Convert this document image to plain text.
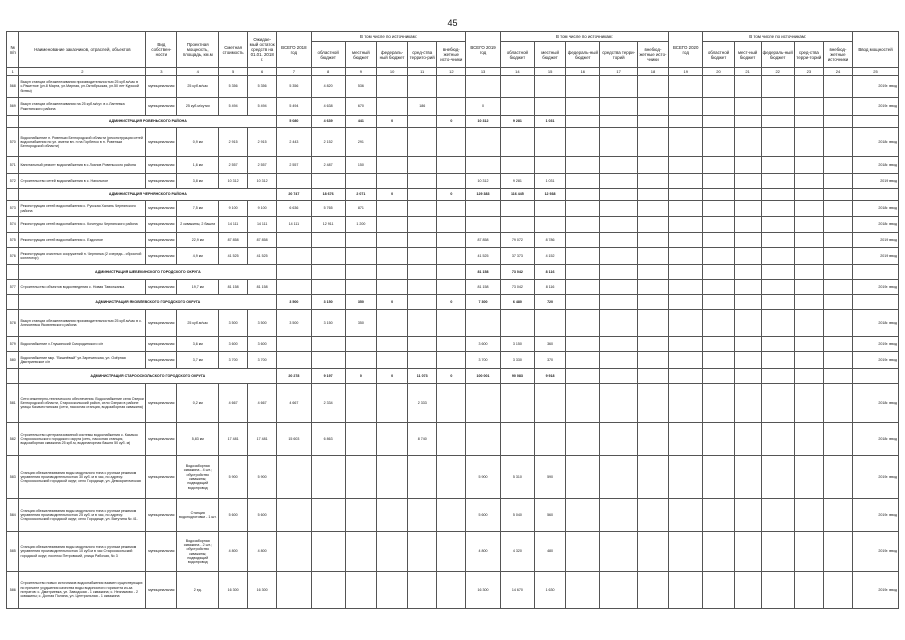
45
№ п/п	Наименование заказчиков, отраслей, объектов	Вид собствен-ности	Проектная мощность, площадь, км.м	Сметная стоимость	Ожидае-мый остаток средств на 01.01. 2018 г.	ВСЕГО 2018 год	В том числе по источникам:					ВСЕГО 2019 год	В том числе по источникам:					ВСЕГО 2020 год	В том числе по источникам:					Ввод мощностей
							областной бюджет	местный бюджет	федераль-ный бюджет	сред-ства террито-рий	внебюд-жетные исто-чники		областной бюджет	местный бюджет	федераль-ный бюджет	средства терри-торий	внебюд-жетные исто-чники		областной бюджет	мест-ный бюджет	федераль-ный бюджет	сред-ства терри-торий	внебюд-жетные источники	
1	2	3	4	5	6	7	8	9	10	11	12	13	14	15	16	17	18	19	20	21	22	23	24	25
568	Выкуп станции обезжелезивания производительностью 25 куб.м/час в с.Ракитное (ул.8 Марта, ул.Мирная, ул.Октябрьская, ул.50 лет Курской битвы)	муниципальная	25 куб.м/час	5 356	5 356	5 356	4 820	536																2019г. ввод
569	Выкуп станции обезжелезивания на 25 куб.м/сут. в с.Лаптевка Ракитянского района	муниципальная	25 куб.м/сутки	5 494	5 494	5 494	4 638	670		186		0												2019г. ввод
	АДМИНИСТРАЦИЯ РОВЕНЬСКОГО РАЙОНА					5 080	4 639	441	0		0	10 312	9 281	1 031										
570	Водоснабжение п. Ровеньки Белгородской области (реконструкция сетей водоснабжения по ул. имени вн. п на Горбенко в п. Ровеньки Белгородской области)	муниципальная	0,9 км	2 915	2 915	2 443	2 152	291																2018г. ввод
571	Капитальный ремонт водоснабжения в с.Лознов Ровеньского района	муниципальная	1,6 км	2 557	2 557	2 557	2 487	150																2018г. ввод
572	Строительство сетей водоснабжения в с. Нагольное	муниципальная	3,8 км	10 312	10 312							10 312	9 281	1 031										2019 ввод
	АДМИНИСТРАЦИЯ ЧЕРНЯНСКОГО РАЙОНА					20 747	18 676	2 071	0		0	129 383	116 445	12 938										
573	Реконструкция сетей водоснабжения с. Русская Халань Чернянского района	муниципальная	7,5 км	9 100	9 100	6 636	5 765	871																2018г. ввод
574	Реконструкция сетей водоснабжения с. Кочегуры Чернянского района	муниципальная	2 скважины, 2 башни	14 111	14 111	14 111	12 911	1 200																2018г. ввод
575	Реконструкция сетей водоснабжения с. Ездочное	муниципальная	22,9 км	87 858	87 858							87 858	79 072	8 786										2019 ввод
576	Реконструкция очистных сооружений п. Чернянка (2 очередь - сбросной коллектор)	муниципальная	4,9 км	41 525	41 525							41 525	37 373	4 152										2019 ввод
	АДМИНИСТРАЦИЯ ШЕБЕКИНСКОГО ГОРОДСКОГО ОКРУГА											81 158	73 042	8 116										
577	Строительство объектов водоотведения с. Новая Таволжанка	муниципальная	19,7 км	81 158	81 158							81 158	73 042	8 116										2019г. ввод
	АДМИНИСТРАЦИЯ ЯКОВЛЕВСКОГО ГОРОДСКОГО ОКРУГА					3 500	3 150	350	0		0	7 300	6 480	720										
578	Выкуп станции обезжелезивания производительностью 25 куб.м/час в с. Алексеевка Яковлевского района	муниципальная	25 куб.м/час	3 500	3 500	3 500	3 150	350																2018г. ввод
579	Водоснабжение х.Глушинский Смородинского с/п	муниципальная	3,6 км	3 600	3 600							3 600	3 150	360										2019г. ввод
580	Водоснабжение мкр. "Вишнёвый" ул.Заречинская, ул. Озёрная Дмитриевское с/п	муниципальная	3,7 км	3 700	3 700							3 700	3 330	370										2019г. ввод
	АДМИНИСТРАЦИЯ СТАРООСКОЛЬСКОГО ГОРОДСКОГО ОКРУГА					20 278	9 197	0	0	11 073	0	100 001	90 083	9 918										
581	Сети инженерно-технического обеспечения. Водоснабжение села Озерки Белгородской области, Старооскольский район, село Озерки в районе улицы Казачестанская (сети, насосная станция, водозаборная скважина)	муниципальная	0,2 км	4 667	4 667	4 667	2 334			2 333														2018г. ввод
582	Строительство централизованной системы водоснабжения с. Казачок Старооскольского городского округа (сеть, насосная станция, водозаборная скважина 25 куб.м, водонапорная башня 50 куб. м)	муниципальная	5,83 км	17 481	17 481	15 603	6 863			8 740														2018г. ввод
583	Станция обезжелезивания воды модульного типа с ручным режимом управления производительностью 30 куб. м в час, по адресу: Старооскольский городской округ, село Городище, ул. Демократическая	муниципальная	Водозаборная скважина - 4 шт.; обустройство скважины; подводящий водопровод	5 900	5 900							5 900	5 310	590										2019г. ввод
584	Станция обезжелезивания воды модульного типа с ручным режимом управления производительностью 25 куб. м в час, по адресу: Старооскольский городской округ, село Городище, ул. Ватутина № 41.	муниципальная	Станция водоподготовки - 1 шт.	5 600	5 600							5 600	5 040	560										2019г. ввод
585	Станция обезжелезивания воды модульного типа с ручным режимом управления производительностью 10 куб.м в час Старооскольский городской округ, поселок Петровский, улица Рабочая, № 3	муниципальная	Водозаборная скважина - 2 шт.; обустройство скважины; подводящий водопровод	4 800	4 800							4 800	4 320	480										2019г. ввод
586	Строительство новых источников водоснабжения взамен существующих по причине ухудшения качества воды водоносного горизонта из-за нитратов: с. Дмитриевка, ул. Заводская - 1 скважина; с. Незнамово - 2 скважины; с. Долгая Поляна, ул. Центральная - 1 скважина	муниципальная	2 ед.	16 300	16 300							16 300	14 670	1 630										2019г. ввод
